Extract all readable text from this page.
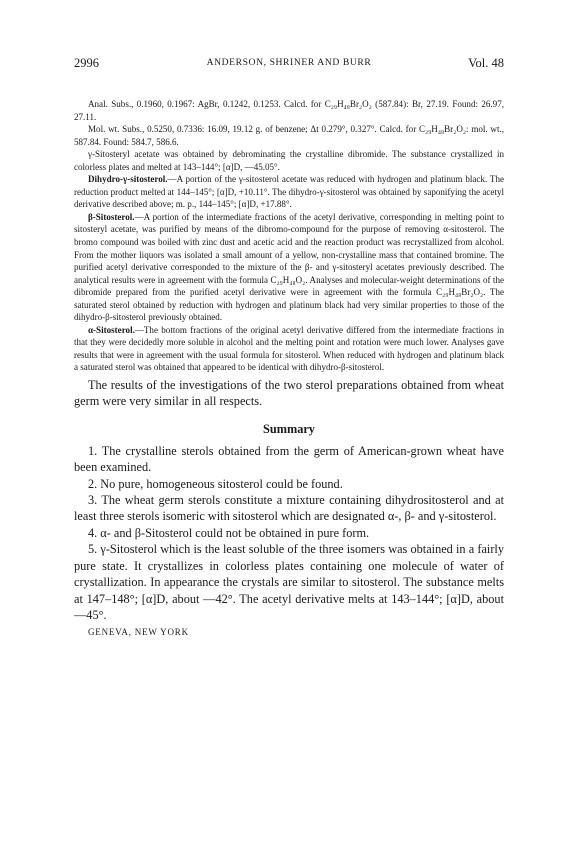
2996	ANDERSON, SHRINER AND BURR	Vol. 48

Anal. Subs., 0.1960, 0.1967: AgBr, 0.1242, 0.1253. Calcd. for C₂₉H₄₈Br₂O₂ (587.84): Br, 27.19. Found: 26.97, 27.11.

Mol. wt. Subs., 0.5250, 0.7336: 16.09, 19.12 g. of benzene; Δt 0.279°, 0.327°. Calcd. for C₂₉H₄₈Br₂O₂: mol. wt., 587.84. Found: 584.7, 586.6.

γ-Sitosteryl acetate was obtained by debrominating the crystalline dibromide. The substance crystallized in colorless plates and melted at 143–144°; [α]D, —45.05°.

Dihydro-γ-sitosterol.—A portion of the γ-sitosterol acetate was reduced with hydrogen and platinum black. The reduction product melted at 144–145°; [α]D, +10.11°. The dihydro-γ-sitosterol was obtained by saponifying the acetyl derivative described above; m. p., 144–145°; [α]D, +17.88°.

β-Sitosterol.—A portion of the intermediate fractions of the acetyl derivative, corresponding in melting point to sitosteryl acetate, was purified by means of the dibromo-compound for the purpose of removing α-sitosterol. The bromo compound was boiled with zinc dust and acetic acid and the reaction product was recrystallized from alcohol. From the mother liquors was isolated a small amount of a yellow, non-crystalline mass that contained bromine. The purified acetyl derivative corresponded to the mixture of the β- and γ-sitosteryl acetates previously described. The analytical results were in agreement with the formula C₂₉H₄₈O₂. Analyses and molecular-weight determinations of the dibromide prepared from the purified acetyl derivative were in agreement with the formula C₂₉H₄₈Br₂O₂. The saturated sterol obtained by reduction with hydrogen and platinum black had very similar properties to those of the dihydro-β-sitosterol previously obtained.

α-Sitosterol.—The bottom fractions of the original acetyl derivative differed from the intermediate fractions in that they were decidedly more soluble in alcohol and the melting point and rotation were much lower. Analyses gave results that were in agreement with the usual formula for sitosterol. When reduced with hydrogen and platinum black a saturated sterol was obtained that appeared to be identical with dihydro-β-sitosterol.

The results of the investigations of the two sterol preparations obtained from wheat germ were very similar in all respects.

Summary

1. The crystalline sterols obtained from the germ of American-grown wheat have been examined.

2. No pure, homogeneous sitosterol could be found.

3. The wheat germ sterols constitute a mixture containing dihydrositosterol and at least three sterols isomeric with sitosterol which are designated α-, β- and γ-sitosterol.

4. α- and β-Sitosterol could not be obtained in pure form.

5. γ-Sitosterol which is the least soluble of the three isomers was obtained in a fairly pure state. It crystallizes in colorless plates containing one molecule of water of crystallization. In appearance the crystals are similar to sitosterol. The substance melts at 147–148°; [α]D, about —42°. The acetyl derivative melts at 143–144°; [α]D, about —45°.

GENEVA, NEW YORK
